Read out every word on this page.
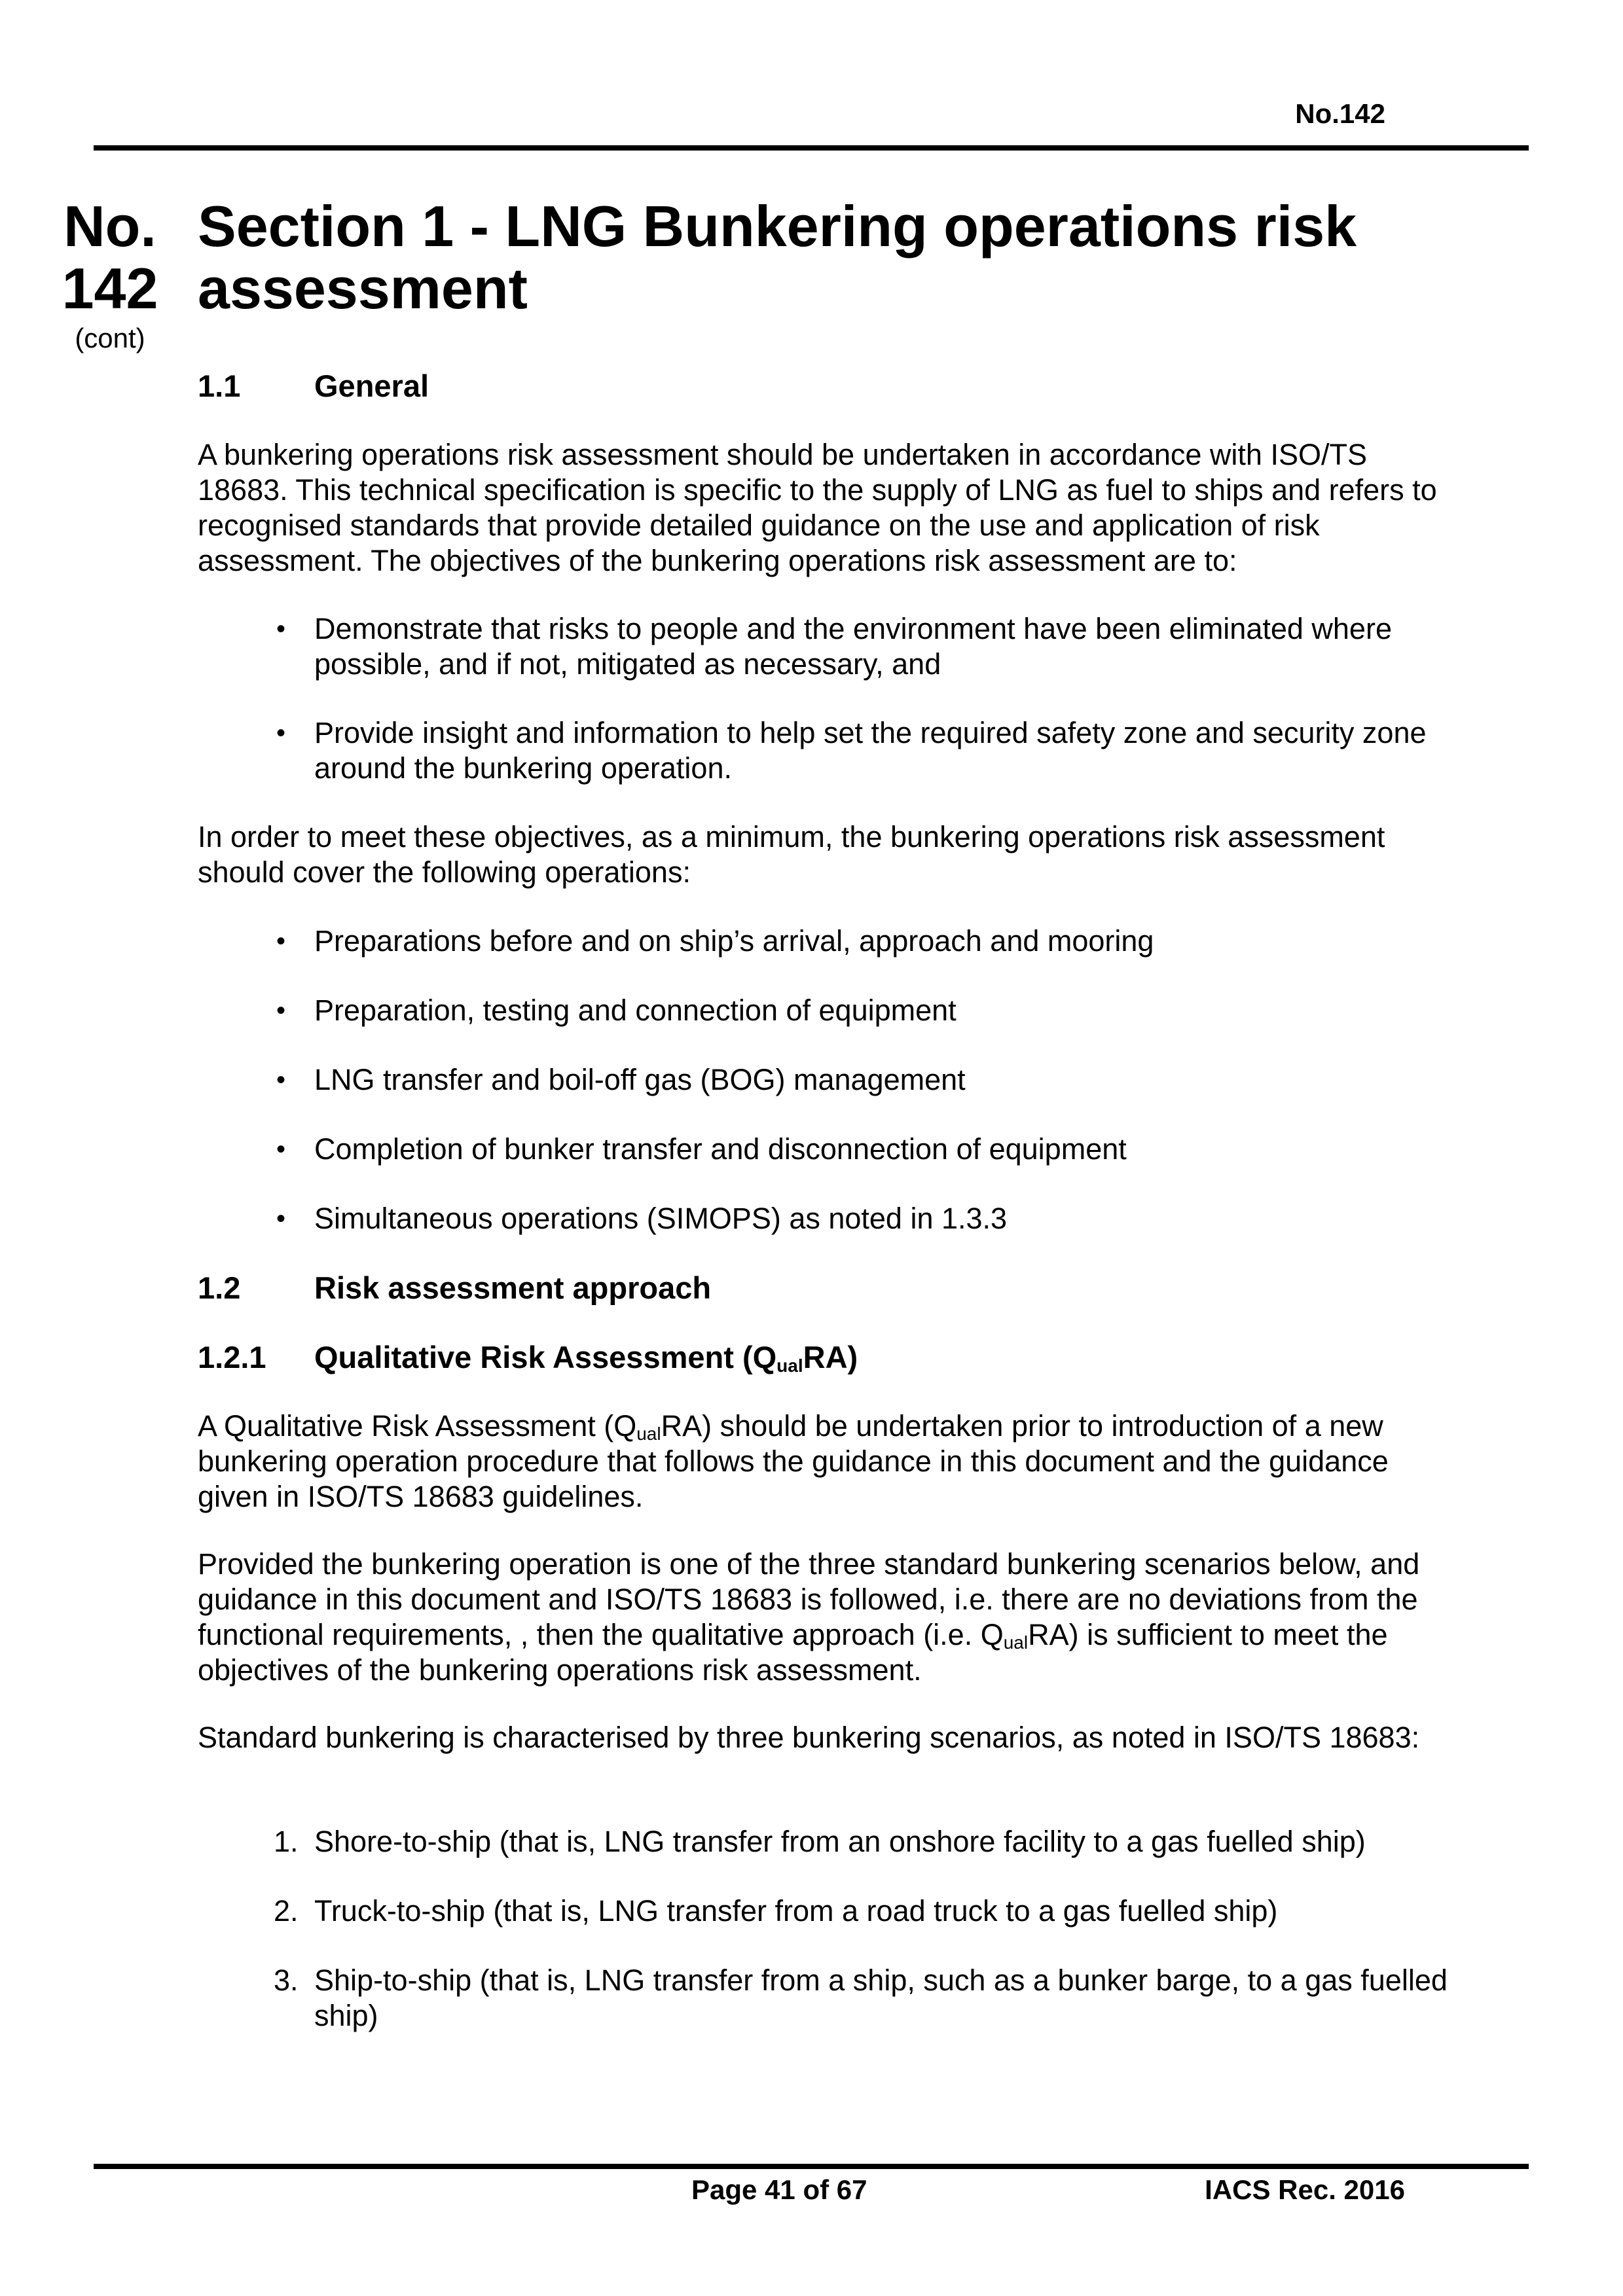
No.142
No.
142
(cont)
Section 1 - LNG Bunkering operations risk
assessment
1.1 General
A bunkering operations risk assessment should be undertaken in accordance with ISO/TS 18683. This technical specification is specific to the supply of LNG as fuel to ships and refers to recognised standards that provide detailed guidance on the use and application of risk assessment. The objectives of the bunkering operations risk assessment are to:
• Demonstrate that risks to people and the environment have been eliminated where possible, and if not, mitigated as necessary, and
• Provide insight and information to help set the required safety zone and security zone around the bunkering operation.
In order to meet these objectives, as a minimum, the bunkering operations risk assessment should cover the following operations:
• Preparations before and on ship’s arrival, approach and mooring
• Preparation, testing and connection of equipment
• LNG transfer and boil-off gas (BOG) management
• Completion of bunker transfer and disconnection of equipment
• Simultaneous operations (SIMOPS) as noted in 1.3.3
1.2 Risk assessment approach
1.2.1 Qualitative Risk Assessment $(Q_{ual}RA)$
A Qualitative Risk Assessment $(Q_{ual}RA)$ should be undertaken prior to introduction of a new bunkering operation procedure that follows the guidance in this document and the guidance given in ISO/TS 18683 guidelines.
Provided the bunkering operation is one of the three standard bunkering scenarios below, and guidance in this document and ISO/TS 18683 is followed, i.e. there are no deviations from the functional requirements, , then the qualitative approach (i.e. $Q_{ual}RA$) is sufficient to meet the objectives of the bunkering operations risk assessment.
Standard bunkering is characterised by three bunkering scenarios, as noted in ISO/TS 18683:
1. Shore-to-ship (that is, LNG transfer from an onshore facility to a gas fuelled ship)
2. Truck-to-ship (that is, LNG transfer from a road truck to a gas fuelled ship)
3. Ship-to-ship (that is, LNG transfer from a ship, such as a bunker barge, to a gas fuelled ship)
Page 41 of 67	IACS Rec. 2016
